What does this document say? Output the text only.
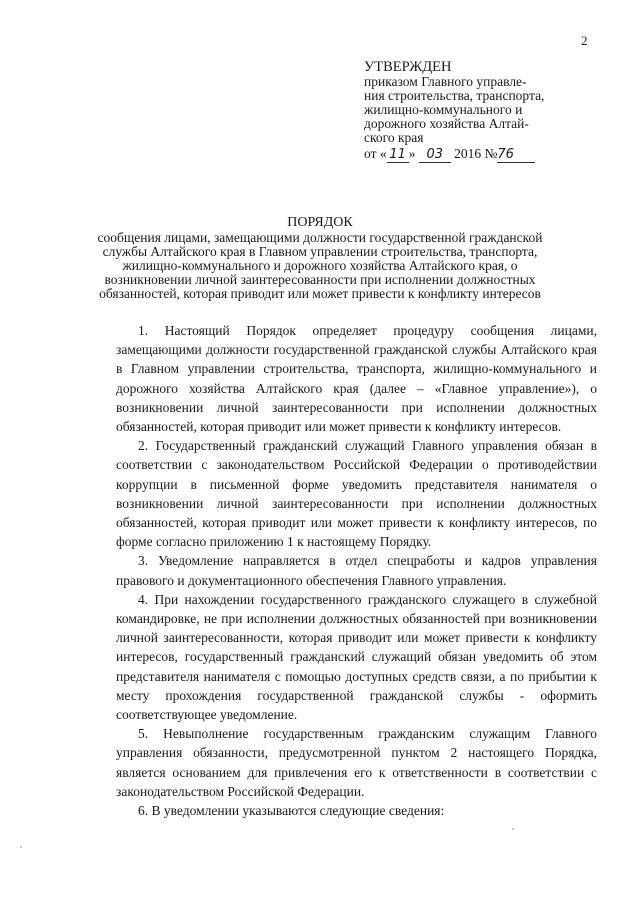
2
УТВЕРЖДЕН
приказом Главного управле-
ния строительства, транспорта,
жилищно-коммунального и
дорожного хозяйства Алтай-
ского края
от « 11 » 03 2016 №76
ПОРЯДОК
сообщения лицами, замещающими должности государственной гражданской
службы Алтайского края в Главном управлении строительства, транспорта,
жилищно-коммунального и дорожного хозяйства Алтайского края, о
возникновении личной заинтересованности при исполнении должностных
обязанностей, которая приводит или может привести к конфликту интересов

1. Настоящий Порядок определяет процедуру сообщения лицами, замещающими должности государственной гражданской службы Алтайского края в Главном управлении строительства, транспорта, жилищно-коммунального и дорожного хозяйства Алтайского края (далее – «Главное управление»), о возникновении личной заинтересованности при исполнении должностных обязанностей, которая приводит или может привести к конфликту интересов.

2. Государственный гражданский служащий Главного управления обязан в соответствии с законодательством Российской Федерации о противодействии коррупции в письменной форме уведомить представителя нанимателя о возникновении личной заинтересованности при исполнении должностных обязанностей, которая приводит или может привести к конфликту интересов, по форме согласно приложению 1 к настоящему Порядку.

3. Уведомление направляется в отдел спецработы и кадров управления правового и документационного обеспечения Главного управления.

4. При нахождении государственного гражданского служащего в служебной командировке, не при исполнении должностных обязанностей при возникновении личной заинтересованности, которая приводит или может привести к конфликту интересов, государственный гражданский служащий обязан уведомить об этом представителя нанимателя с помощью доступных средств связи, а по прибытии к месту прохождения государственной гражданской службы - оформить соответствующее уведомление.

5. Невыполнение государственным гражданским служащим Главного управления обязанности, предусмотренной пунктом 2 настоящего Порядка, является основанием для привлечения его к ответственности в соответствии с законодательством Российской Федерации.

6. В уведомлении указываются следующие сведения:
